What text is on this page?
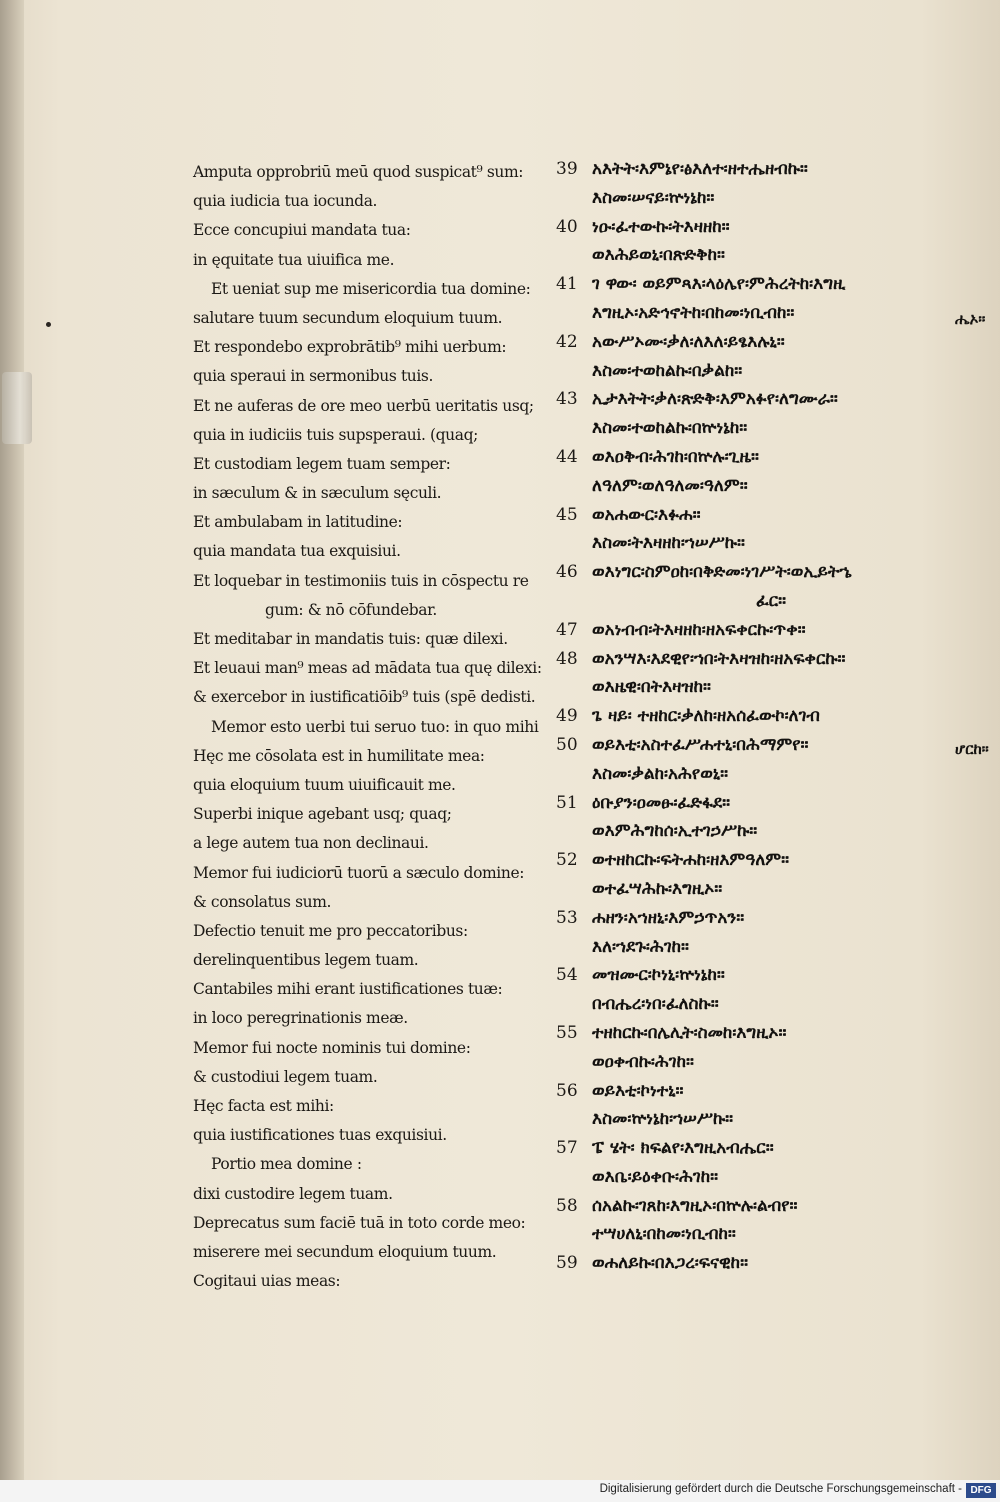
Amputa opprobriū meū quod suspicat⁹ sum:
quia iudicia tua iocunda.
Ecce concupiui mandata tua:
in ęquitate tua uiuifica me.
Et ueniat sup me misericordia tua domine:
salutare tuum secundum eloquium tuum.
Et respondebo exprobrātib⁹ mihi uerbum:
quia speraui in sermonibus tuis.
Et ne auferas de ore meo uerbū ueritatis usq;
quia in iudiciis tuis supsperaui. (quaq;
Et custodiam legem tuam semper:
in sæculum & in sæculum sęculi.
Et ambulabam in latitudine:
quia mandata tua exquisiui.
Et loquebar in testimoniis tuis in cōspectu re
gum: & nō cōfundebar.
Et meditabar in mandatis tuis: quæ dilexi.
Et leuaui man⁹ meas ad mādata tua quę dilexi:
& exercebor in iustificatiōib⁹ tuis (spē dedisti.
Memor esto uerbi tui seruo tuo: in quo mihi
Hęc me cōsolata est in humilitate mea:
quia eloquium tuum uiuificauit me.
Superbi inique agebant usq; quaq;
a lege autem tua non declinaui.
Memor fui iudiciorū tuorū a sæculo domine:
& consolatus sum.
Defectio tenuit me pro peccatoribus:
derelinquentibus legem tuam.
Cantabiles mihi erant iustificationes tuæ:
in loco peregrinationis meæ.
Memor fui nocte nominis tui domine:
& custodiui legem tuam.
Hęc facta est mihi:
quia iustificationes tuas exquisiui.
Portio mea domine :
dixi custodire legem tuam.
Deprecatus sum faciē tuā in toto corde meo:
miserere mei secundum eloquium tuum.
Cogitaui uias meas:
39 አእትት፡እምኔየ፡ፅእለተ፡ዘተሔዘብኩ።
እስመ፡ሠናይ፡ኵነኔከ።
40 ነዑ፡ፈተውኩ፡ትእዛዘከ።
ወእሕይወኒ፡በጽድቅከ።
41 ገ ዋው፡ ወይምጻእ፡ላዕሌየ፡ምሕረትከ፡እግዚ
እግዚኦ፡አድኅኖትከ፡በከመ፡ነቢብከ።
42 አውሥኦሙ፡ቃለ፡ለእለ፡ይፄእሉኒ።
እስመ፡ተወከልኩ፡በቃልከ።
43 ኢታእትት፡ቃለ፡ጽድቅ፡እምአፉየ፡ለግሙራ።
እስመ፡ተወከልኩ፡በኵነኔከ።
44 ወእዐቅብ፡ሕገከ፡በኵሉ፡ጊዜ።
ለዓለም፡ወለዓለመ፡ዓለም።
45 ወአሐውር፡እፉሐ።
እስመ፡ትእዛዘከ፡ኀሠሥኩ።
46 ወእነግር፡ስምዐከ፡በቅድመ፡ነገሥት፡ወኢይትኄ
ፈር።
47 ወአነብብ፡ትእዛዘከ፡ዘአፍቀርኩ፡ጥቀ።
48 ወአንሣእ፡እደዊየ፡ኀበ፡ትእዛዝከ፡ዘአፍቀርኩ።
ወእዜዊ፡በትእዛዝከ።
49 ጌ ዛይ፡ ተዘከር፡ቃለከ፡ዘአሰፈውኮ፡ለገብ
50 ወይእቲ፡አስተፈሥሐተኒ፡በሕማምየ።
እስመ፡ቃልከ፡አሕየወኒ።
51 ዕቡያን፡ዐመፁ፡ፈድፋደ።
ወእምሕግከሰ፡ኢተገኃሥኩ።
52 ወተዘከርኩ፡ፍትሐከ፡ዘእምዓለም።
ወተፈሣሕኩ፡እግዚኦ።
53 ሐዘን፡አኀዘኒ፡እምኃጥአን።
እለ፡ኀደጉ፡ሕገከ።
54 መዝሙር፡ኮነኒ፡ኵነኔከ።
በብሔረ፡ነበ፡ፈለስኩ።
55 ተዘከርኩ፡በሌሊት፡ስመከ፡እግዚኦ።
ወዐቀብኩ፡ሕገከ።
56 ወይእቲ፡ኮነተኒ።
እስመ፡ኵነኔከ፡ኀሠሥኩ።
57 ፔ ሄት፡ ክፍልየ፡እግዚአብሔር።
ወእቤ፡ይዕቀቡ፡ሕገከ።
58 ሰአልኩ፡ገጸከ፡እግዚኦ፡በኵሉ፡ልብየ።
ተሣሀለኒ፡በከመ፡ነቢብከ።
59 ወሐለይኩ፡በእጋረ፡ፍናዊከ።
ሔኦ።
ሆርከ።
Digitalisierung gefördert durch die Deutsche Forschungsgemeinschaft - DFG
